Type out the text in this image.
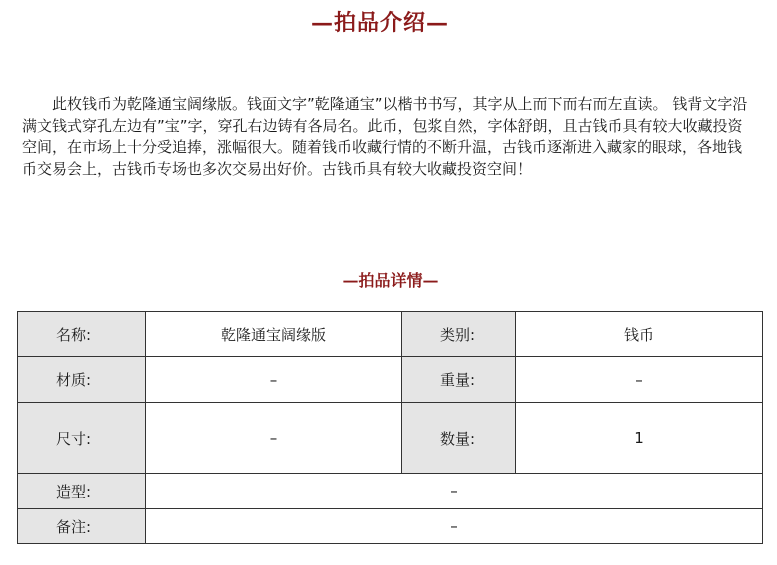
—拍品介绍—

此枚钱币为乾隆通宝阔缘版。钱面文字”乾隆通宝”以楷书书写，其字从上而下而右而左直读。 钱背文字沿满文钱式穿孔左边有”宝”字，穿孔右边铸有各局名。此币，包浆自然，字体舒朗，且古钱币具有较大收藏投资空间，在市场上十分受追捧，涨幅很大。随着钱币收藏行情的不断升温，古钱币逐渐进入藏家的眼球，各地钱币交易会上，古钱币专场也多次交易出好价。古钱币具有较大收藏投资空间！

—拍品详情—
名称:	乾隆通宝阔缘版	类别:	钱币
材质:	–	重量:	–
尺寸:	–	数量:	1
造型:	–		
备注:	–		
